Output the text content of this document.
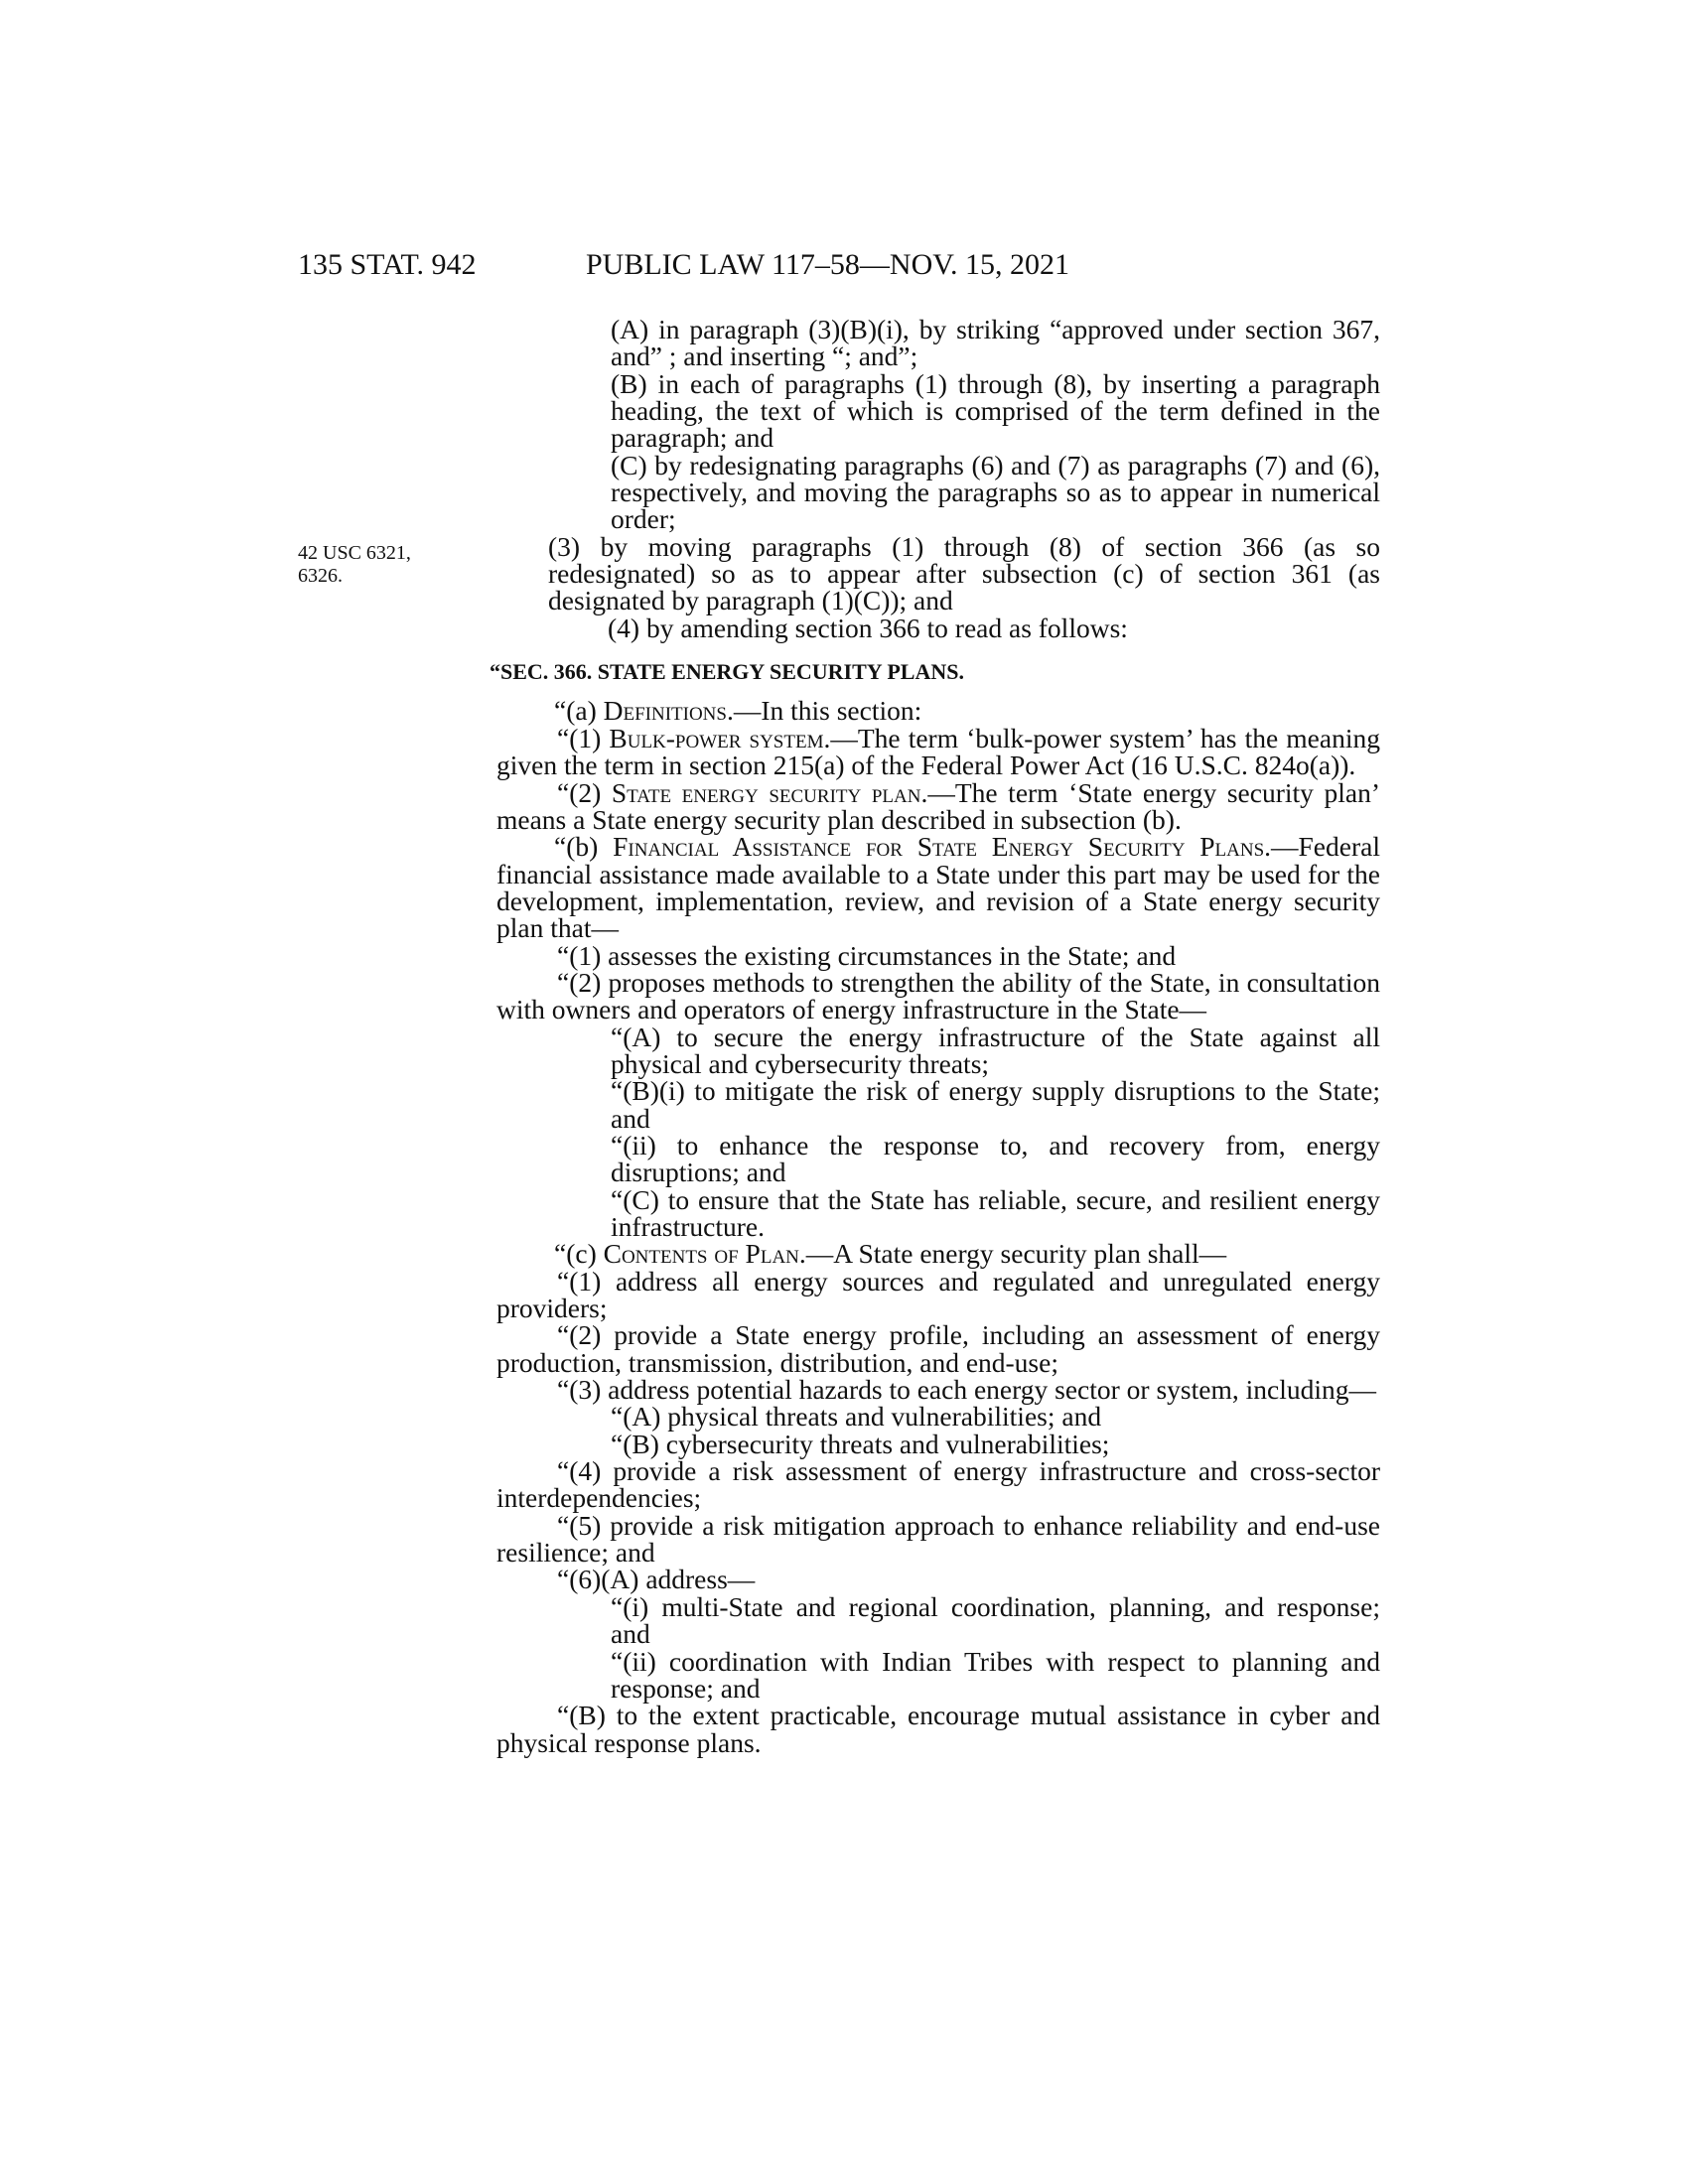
135 STAT. 942	PUBLIC LAW 117–58—NOV. 15, 2021
42 USC 6321,
6326.

(A) in paragraph (3)(B)(i), by striking “approved under section 367, and” ; and inserting “; and”;

(B) in each of paragraphs (1) through (8), by inserting a paragraph heading, the text of which is comprised of the term defined in the paragraph; and

(C) by redesignating paragraphs (6) and (7) as paragraphs (7) and (6), respectively, and moving the paragraphs so as to appear in numerical order;

(3) by moving paragraphs (1) through (8) of section 366 (as so redesignated) so as to appear after subsection (c) of section 361 (as designated by paragraph (1)(C)); and

(4) by amending section 366 to read as follows:

“SEC. 366. STATE ENERGY SECURITY PLANS.

“(a) Definitions.—In this section:

“(1) Bulk-power system.—The term ‘bulk-power system’ has the meaning given the term in section 215(a) of the Federal Power Act (16 U.S.C. 824o(a)).

“(2) State energy security plan.—The term ‘State energy security plan’ means a State energy security plan described in subsection (b).

“(b) Financial Assistance for State Energy Security Plans.—Federal financial assistance made available to a State under this part may be used for the development, implementation, review, and revision of a State energy security plan that—

“(1) assesses the existing circumstances in the State; and

“(2) proposes methods to strengthen the ability of the State, in consultation with owners and operators of energy infrastructure in the State—

“(A) to secure the energy infrastructure of the State against all physical and cybersecurity threats;

“(B)(i) to mitigate the risk of energy supply disruptions to the State; and

“(ii) to enhance the response to, and recovery from, energy disruptions; and

“(C) to ensure that the State has reliable, secure, and resilient energy infrastructure.

“(c) Contents of Plan.—A State energy security plan shall—

“(1) address all energy sources and regulated and unregulated energy providers;

“(2) provide a State energy profile, including an assessment of energy production, transmission, distribution, and end-use;

“(3) address potential hazards to each energy sector or system, including—

“(A) physical threats and vulnerabilities; and

“(B) cybersecurity threats and vulnerabilities;

“(4) provide a risk assessment of energy infrastructure and cross-sector interdependencies;

“(5) provide a risk mitigation approach to enhance reliability and end-use resilience; and

“(6)(A) address—

“(i) multi-State and regional coordination, planning, and response; and

“(ii) coordination with Indian Tribes with respect to planning and response; and

“(B) to the extent practicable, encourage mutual assistance in cyber and physical response plans.
